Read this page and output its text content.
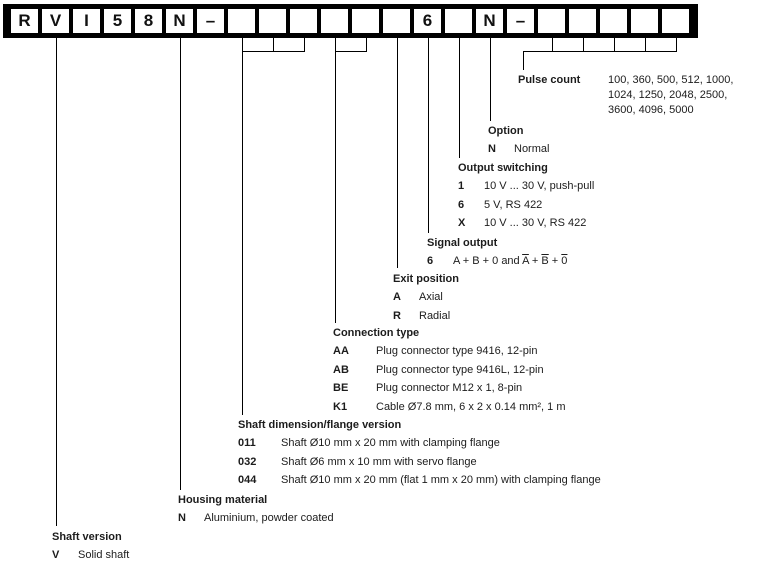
R	V	I	5	8	N	–	6	N	–
Pulse count	100, 360, 500, 512, 1000,
1024, 1250, 2048, 2500,
3600, 4096, 5000
Option
N	Normal
Output switching
1	10 V ... 30 V, push-pull
6	5 V, RS 422
X	10 V ... 30 V, RS 422
Signal output
6	A + B + 0 and $\overline{A} + \overline{B} + 0$
Exit position
A	Axial
R	Radial
Connection type
AA	Plug connector type 9416, 12-pin
AB	Plug connector type 9416L, 12-pin
BE	Plug connector M12 x 1, 8-pin
K1	Cable Ø7.8 mm, 6 x 2 x 0.14 mm², 1 m
Shaft dimension/flange version
011	Shaft Ø10 mm x 20 mm with clamping flange
032	Shaft Ø6 mm x 10 mm with servo flange
044	Shaft Ø10 mm x 20 mm (flat 1 mm x 20 mm) with clamping flange
Housing material
N	Aluminium, powder coated
Shaft version
V	Solid shaft
